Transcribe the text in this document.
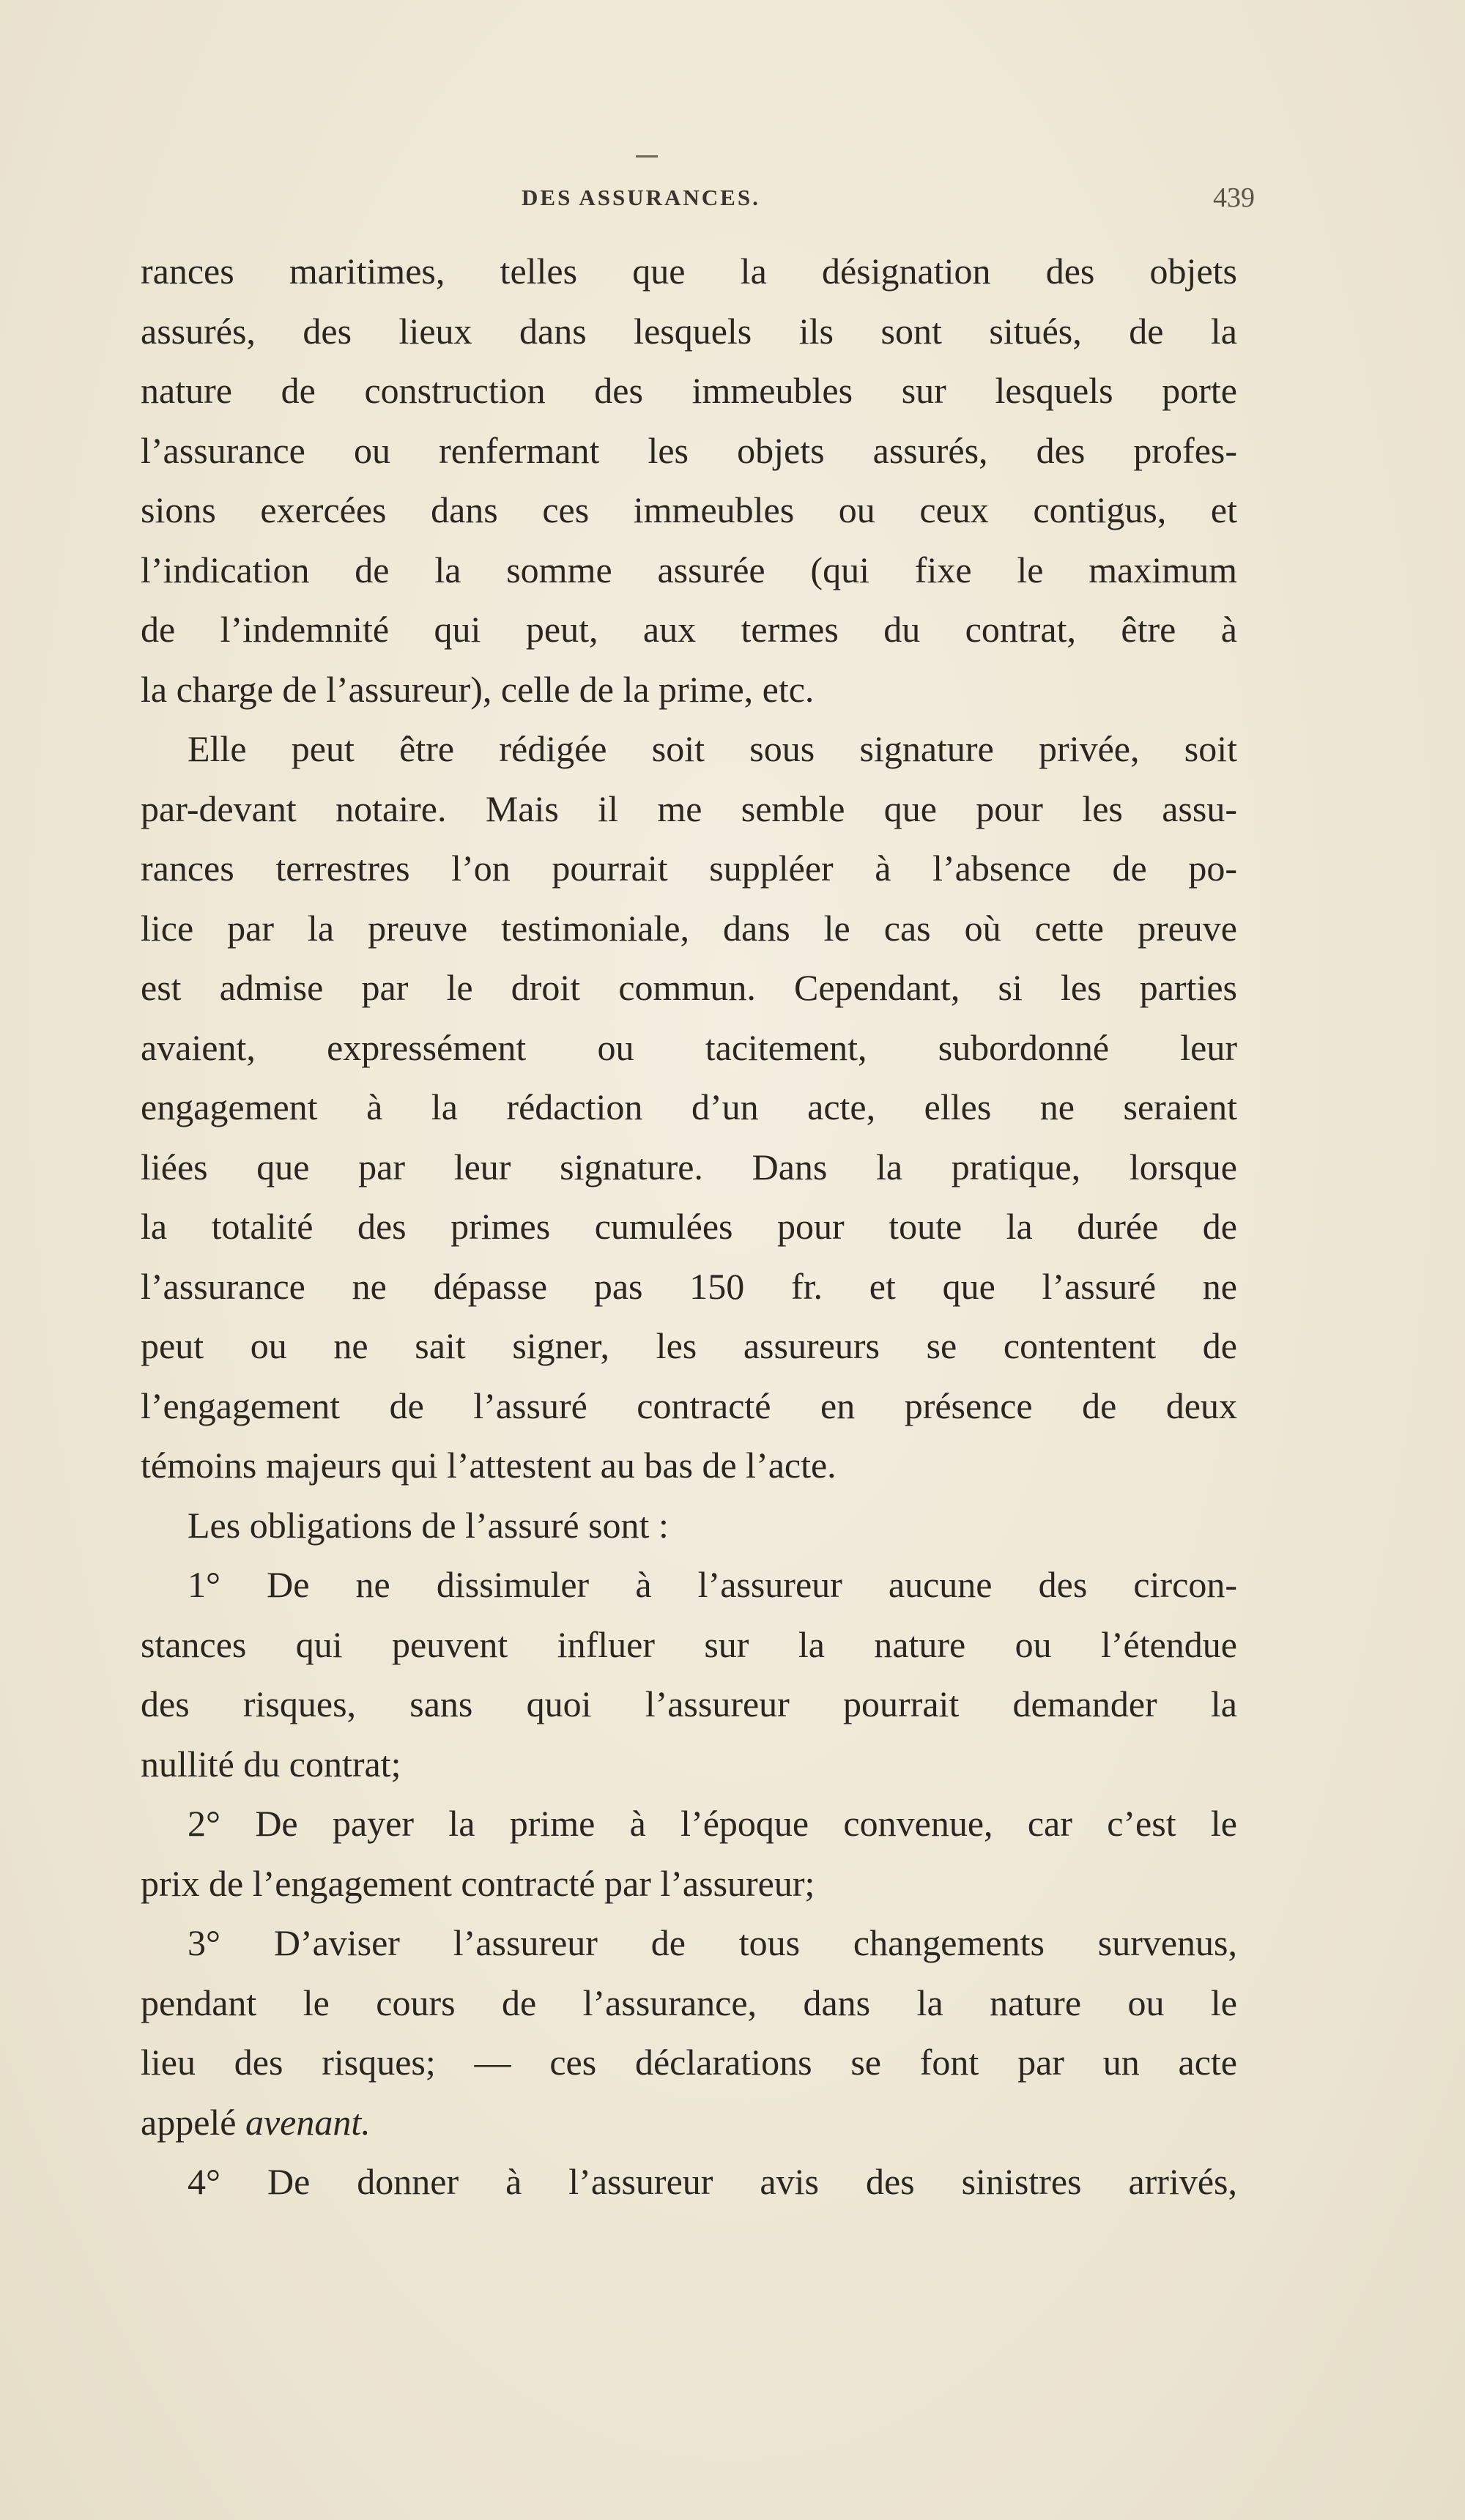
DES ASSURANCES.	439
rances maritimes, telles que la désignation des objets
assurés, des lieux dans lesquels ils sont situés, de la
nature de construction des immeubles sur lesquels porte
l’assurance ou renfermant les objets assurés, des profes-
sions exercées dans ces immeubles ou ceux contigus, et
l’indication de la somme assurée (qui fixe le maximum
de l’indemnité qui peut, aux termes du contrat, être à
la charge de l’assureur), celle de la prime, etc.
Elle peut être rédigée soit sous signature privée, soit
par-devant notaire. Mais il me semble que pour les assu-
rances terrestres l’on pourrait suppléer à l’absence de po-
lice par la preuve testimoniale, dans le cas où cette preuve
est admise par le droit commun. Cependant, si les parties
avaient, expressément ou tacitement, subordonné leur
engagement à la rédaction d’un acte, elles ne seraient
liées que par leur signature. Dans la pratique, lorsque
la totalité des primes cumulées pour toute la durée de
l’assurance ne dépasse pas 150 fr. et que l’assuré ne
peut ou ne sait signer, les assureurs se contentent de
l’engagement de l’assuré contracté en présence de deux
témoins majeurs qui l’attestent au bas de l’acte.
Les obligations de l’assuré sont :
1° De ne dissimuler à l’assureur aucune des circon-
stances qui peuvent influer sur la nature ou l’étendue
des risques, sans quoi l’assureur pourrait demander la
nullité du contrat;
2° De payer la prime à l’époque convenue, car c’est le
prix de l’engagement contracté par l’assureur;
3° D’aviser l’assureur de tous changements survenus,
pendant le cours de l’assurance, dans la nature ou le
lieu des risques; — ces déclarations se font par un acte
appelé avenant.
4° De donner à l’assureur avis des sinistres arrivés,
